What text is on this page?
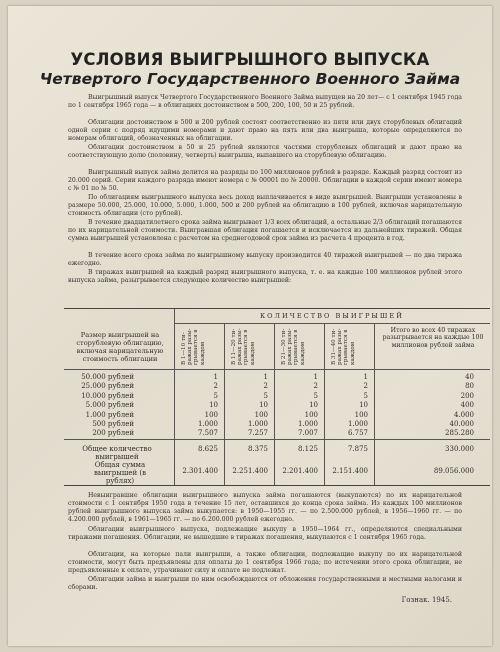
УСЛОВИЯ ВЫИГРЫШНОГО ВЫПУСКА
Четвертого Государственного Военного Займа
Выигрышный выпуск Четвертого Государственного Военного Займа выпущен на 20 лет— с 1 сентября 1945 года по 1 сентября 1965 года — в облигациях достоинством в 500, 200, 100, 50 и 25 рублей.
Облигации достоинством в 500 и 200 рублей состоят соответственно из пяти или двух сторублевых облигаций одной серии с подряд идущими номерами и дают право на пять или два выигрыша, которые определяются по номерам облигаций, обозначенных на облигации.
Облигации достоинством в 50 и 25 рублей являются частями сторублевых облигаций и дают право на соответствующую долю (половину, четверть) выигрыша, выпавшего на сторублевую облигацию.
Выигрышный выпуск займа делится на разряды по 100 миллионов рублей в разряде. Каждый разряд состоит из 20.000 серий. Серии каждого разряда имеют номера с № 00001 по № 20000. Облигации в каждой серии имеют номера с № 01 по № 50.
По облигациям выигрышного выпуска весь доход выплачивается в виде выигрышей. Выигрыши установлены в размере 50.000, 25.000, 10.000, 5.000, 1.000, 500 и 200 рублей на облигацию в 100 рублей, включая нарицательную стоимость облигации (сто рублей).
В течение двадцатилетнего срока займа выигрывает 1/3 всех облигаций, а остальные 2/3 облигаций погашаются по их нарицательной стоимости. Выигравшая облигация погашается и исключается из дальнейших тиражей. Общая сумма выигрышей установлена с расчетом на среднегодовой срок займа из расчета 4 процента в год.
В течение всего срока займа по выигрышному выпуску производится 40 тиражей выигрышей — по два тиража ежегодно.
В тиражах выигрышей на каждый разряд выигрышного выпуска, т. е. на каждые 100 миллионов рублей этого выпуска займа, разыгрывается следующее количество выигрышей:
КОЛИЧЕСТВО ВЫИГРЫШЕЙ
Размер выигрышей на сторублевую облигацию, включая нарицательную стоимость облигации	В 1—10 ти- ражах разы- грывается в каждом	В 11—20 ти- ражах разы- грывается в каждом	В 21—30 ти- ражах разы- грывается в каждом	В 31—40 ти- ражах разы- грывается в каждом
Итого во всех 40 тиражах разыгрывается на каждые 100 миллионов рублей займа
50.000 рублей	1	1	1	1	40
25.000 рублей	2	2	2	2	80
10.000 рублей	5	5	5	5	200
5.000 рублей	10	10	10	10	400
1.000 рублей	100	100	100	100	4.000
500 рублей	1.000	1.000	1.000	1.000	40.000
200 рублей	7.507	7.257	7.007	6.757	285.280
Общее количество выигрышей
8.625	8.375	8.125	7.875	330.000
Общая сумма выигрышей (в рублях)
2.301.400	2.251.400	2.201.400	2.151.400	89.056.000
Невыигравшие облигации выигрышного выпуска займа погашаются (выкупаются) по их нарицательной стоимости с 1 сентября 1950 года в течение 15 лет, оставшихся до конца срока займа. Из каждых 100 миллионов рублей выигрышного выпуска займа выкупается: в 1950—1955 гг. — по 2.500.000 рублей, в 1956—1960 гг. — по 4.200.000 рублей, в 1961—1965 гг. — по 6.200.000 рублей ежегодно.
Облигации выигрышного выпуска, подлежащие выкупу в 1950—1964 гг., определяются специальными тиражами погашения. Облигации, не вышедшие в тиражах погашения, выкупаются с 1 сентября 1965 года.
Облигации, на которые пали выигрыши, а также облигации, подлежащие выкупу по их нарицательной стоимости, могут быть предъявлены для оплаты до 1 сентября 1966 года; по истечении этого срока облигации, не предъявленные к оплате, утрачивают силу и оплате не подлежат.
Облигации займа и выигрыши по ним освобождаются от обложения государственными и местными налогами и сборами.
Гознак. 1945.
